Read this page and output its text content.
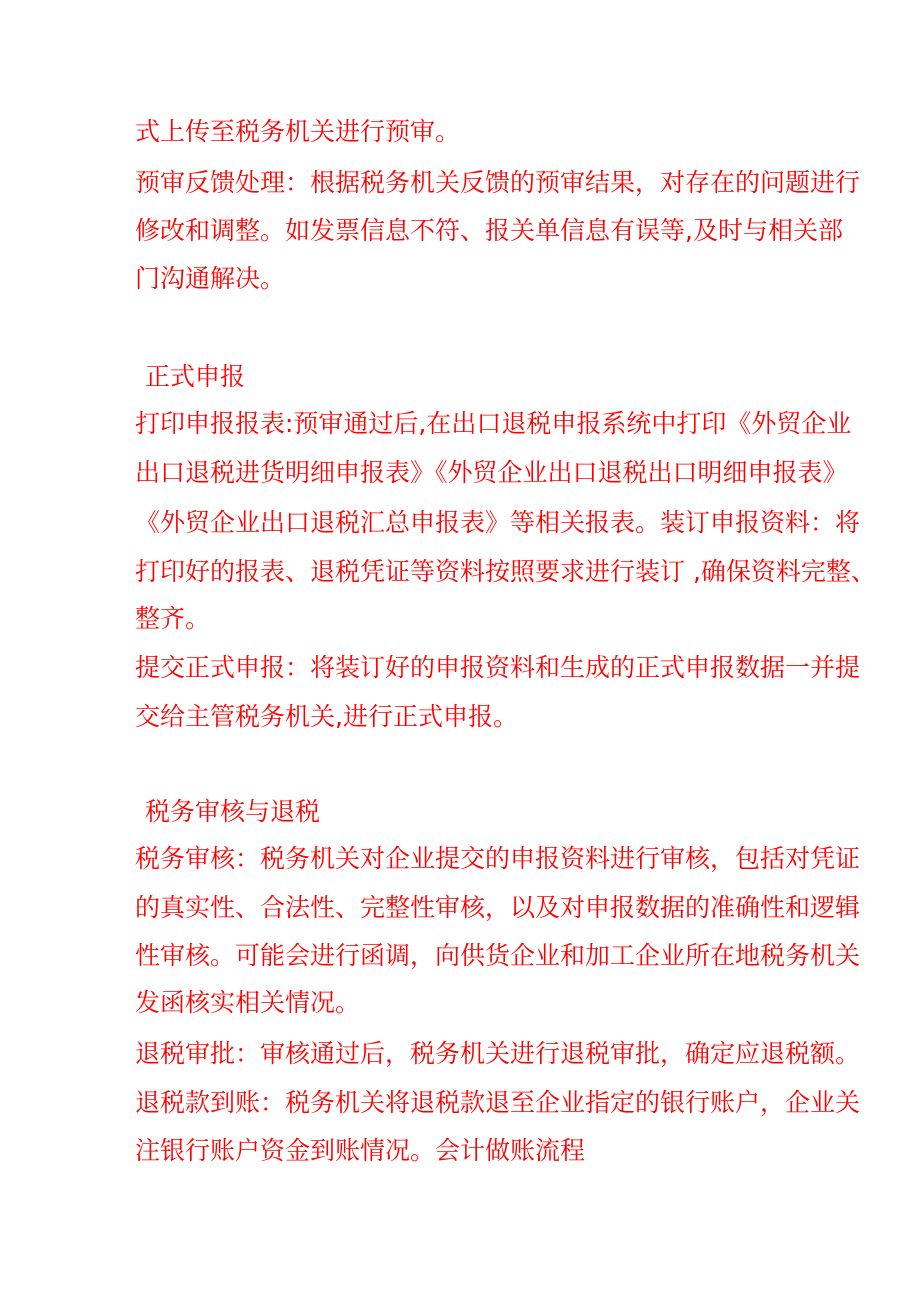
式上传至税务机关进行预审。
预审反馈处理：根据税务机关反馈的预审结果，对存在的问题进行
修改和调整。如发票信息不符、报关单信息有误等,及时与相关部
门沟通解决。
正式申报
打印申报报表:预审通过后,在出口退税申报系统中打印《外贸企业
出口退税进货明细申报表》《外贸企业出口退税出口明细申报表》
《外贸企业出口退税汇总申报表》等相关报表。装订申报资料：将
打印好的报表、退税凭证等资料按照要求进行装订 ,确保资料完整、
整齐。
提交正式申报：将装订好的申报资料和生成的正式申报数据一并提
交给主管税务机关,进行正式申报。
税务审核与退税
税务审核：税务机关对企业提交的申报资料进行审核，包括对凭证
的真实性、合法性、完整性审核，以及对申报数据的准确性和逻辑
性审核。可能会进行函调，向供货企业和加工企业所在地税务机关
发函核实相关情况。
退税审批：审核通过后，税务机关进行退税审批，确定应退税额。
退税款到账：税务机关将退税款退至企业指定的银行账户，企业关
注银行账户资金到账情况。会计做账流程
